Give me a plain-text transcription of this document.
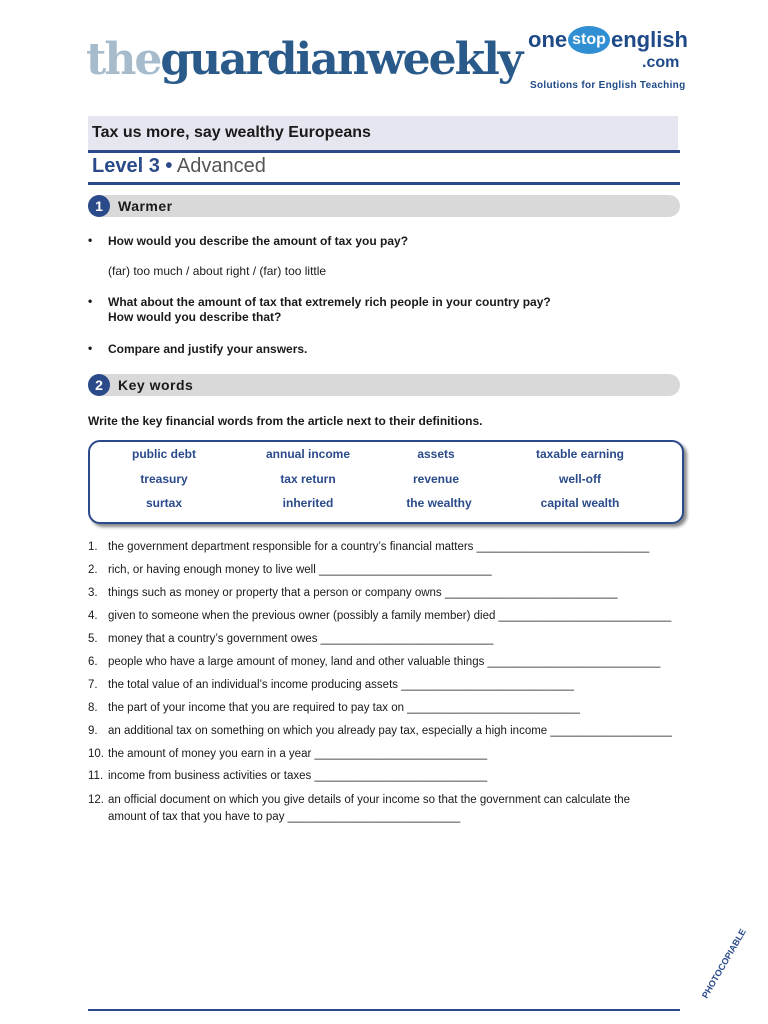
theguardianweekly one stop english
.com
Solutions for English Teaching
Tax us more, say wealthy Europeans
Level 3 • Advanced
1	Warmer
• How would you describe the amount of tax you pay?
(far) too much / about right / (far) too little
• What about the amount of tax that extremely rich people in your country pay?
How would you describe that?
• Compare and justify your answers.
2	Key words
Write the key financial words from the article next to their definitions.
public debt	annual income	assets	taxable earning
treasury	tax return	revenue	well-off
surtax	inherited	the wealthy	capital wealth
1. the government department responsible for a country’s financial matters ___________________________
2. rich, or having enough money to live well ___________________________
3. things such as money or property that a person or company owns ___________________________
4. given to someone when the previous owner (possibly a family member) died ___________________________
5. money that a country’s government owes ___________________________
6. people who have a large amount of money, land and other valuable things ___________________________
7. the total value of an individual’s income producing assets ___________________________
8. the part of your income that you are required to pay tax on ___________________________
9. an additional tax on something on which you already pay tax, especially a high income ___________________
10. the amount of money you earn in a year ___________________________
11. income from business activities or taxes ___________________________
12. an official document on which you give details of your income so that the government can calculate the
amount of tax that you have to pay ___________________________
PHOTOCOPIABLE
